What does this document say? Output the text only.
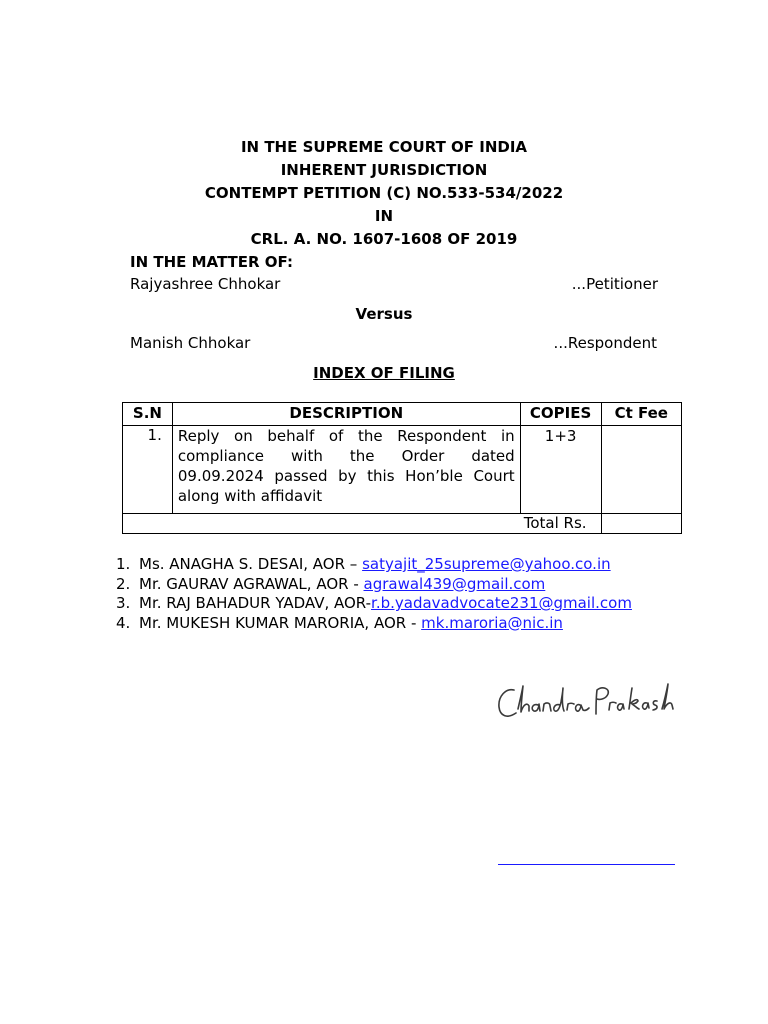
IN THE SUPREME COURT OF INDIA
INHERENT JURISDICTION
CONTEMPT PETITION (C) NO.533-534/2022
IN
CRL. A. NO. 1607-1608 OF 2019
IN THE MATTER OF:
Rajyashree Chhokar	...Petitioner
Versus
Manish Chhokar	...Respondent
INDEX OF FILING
S.N	DESCRIPTION	COPIES	Ct Fee
1.	Reply on behalf of the Respondent in compliance with the Order dated 09.09.2024 passed by this Hon’ble Court along with affidavit	1+3	
Total Rs.			
1. Ms. ANAGHA S. DESAI, AOR – satyajit_25supreme@yahoo.co.in
2. Mr. GAURAV AGRAWAL, AOR - agrawal439@gmail.com
3. Mr. RAJ BAHADUR YADAV, AOR-r.b.yadavadvocate231@gmail.com
4. Mr. MUKESH KUMAR MARORIA, AOR - mk.maroria@nic.in
